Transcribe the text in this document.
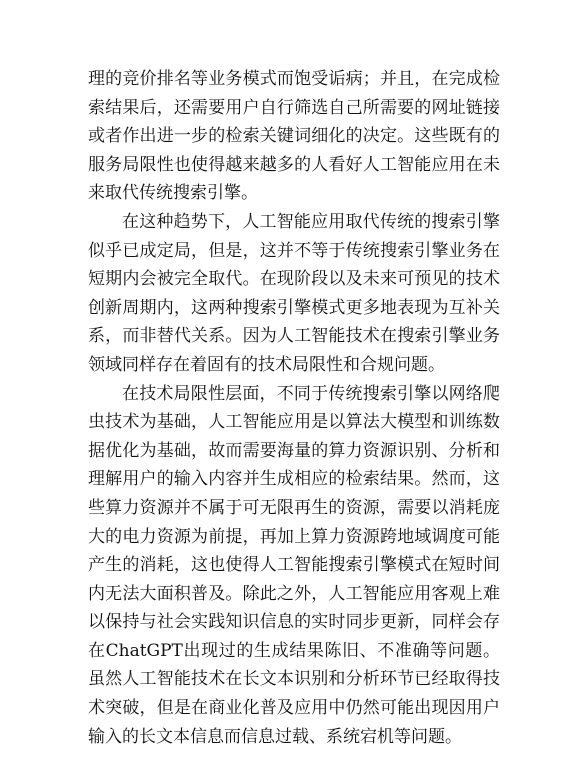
理的竞价排名等业务模式而饱受诟病；并且，在完成检索结果后，还需要用户自行筛选自己所需要的网址链接或者作出进一步的检索关键词细化的决定。这些既有的服务局限性也使得越来越多的人看好人工智能应用在未来取代传统搜索引擎。

在这种趋势下，人工智能应用取代传统的搜索引擎似乎已成定局，但是，这并不等于传统搜索引擎业务在短期内会被完全取代。在现阶段以及未来可预见的技术创新周期内，这两种搜索引擎模式更多地表现为互补关系，而非替代关系。因为人工智能技术在搜索引擎业务领域同样存在着固有的技术局限性和合规问题。

在技术局限性层面，不同于传统搜索引擎以网络爬虫技术为基础，人工智能应用是以算法大模型和训练数据优化为基础，故而需要海量的算力资源识别、分析和理解用户的输入内容并生成相应的检索结果。然而，这些算力资源并不属于可无限再生的资源，需要以消耗庞大的电力资源为前提，再加上算力资源跨地域调度可能产生的消耗，这也使得人工智能搜索引擎模式在短时间内无法大面积普及。除此之外，人工智能应用客观上难以保持与社会实践知识信息的实时同步更新，同样会存在ChatGPT出现过的生成结果陈旧、不准确等问题。虽然人工智能技术在长文本识别和分析环节已经取得技术突破，但是在商业化普及应用中仍然可能出现因用户输入的长文本信息而信息过载、系统宕机等问题。
